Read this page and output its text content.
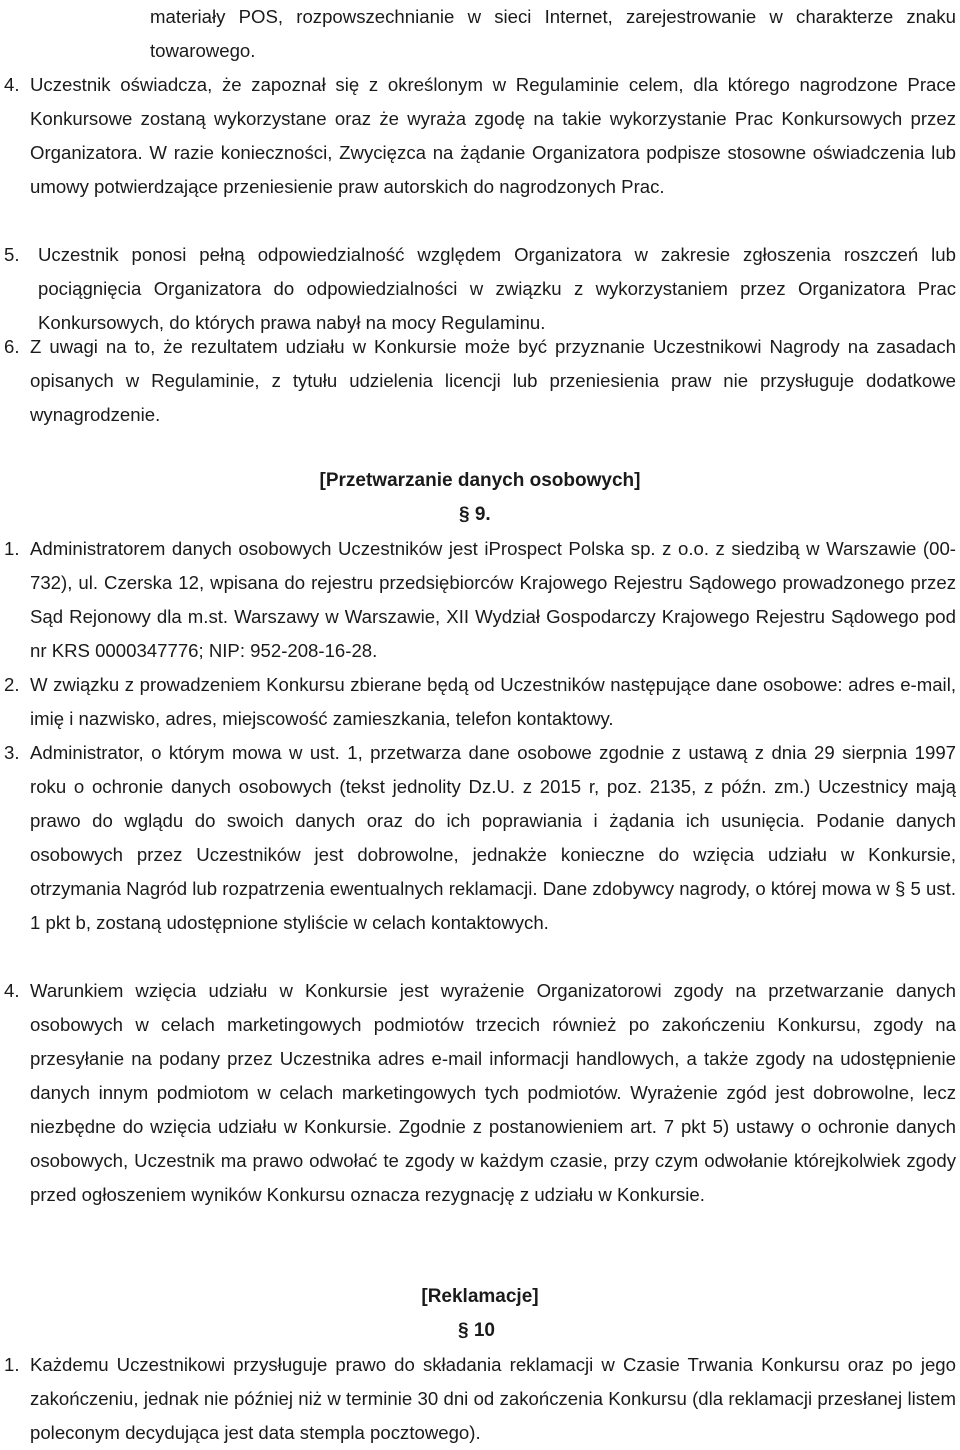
materiały POS, rozpowszechnianie w sieci Internet, zarejestrowanie w charakterze znaku towarowego.

4. Uczestnik oświadcza, że zapoznał się z określonym w Regulaminie celem, dla którego nagrodzone Prace Konkursowe zostaną wykorzystane oraz że wyraża zgodę na takie wykorzystanie Prac Konkursowych przez Organizatora. W razie konieczności, Zwycięzca na żądanie Organizatora podpisze stosowne oświadczenia lub umowy potwierdzające przeniesienie praw autorskich do nagrodzonych Prac.

5. Uczestnik ponosi pełną odpowiedzialność względem Organizatora w zakresie zgłoszenia roszczeń lub pociągnięcia Organizatora do odpowiedzialności w związku z wykorzystaniem przez Organizatora Prac Konkursowych, do których prawa nabył na mocy Regulaminu.

6. Z uwagi na to, że rezultatem udziału w Konkursie może być przyznanie Uczestnikowi Nagrody na zasadach opisanych w Regulaminie, z tytułu udzielenia licencji lub przeniesienia praw nie przysługuje dodatkowe wynagrodzenie.

[Przetwarzanie danych osobowych]

§ 9.
1. Administratorem danych osobowych Uczestników jest iProspect Polska sp. z o.o. z siedzibą w Warszawie (00-732), ul. Czerska 12, wpisana do rejestru przedsiębiorców Krajowego Rejestru Sądowego prowadzonego przez Sąd Rejonowy dla m.st. Warszawy w Warszawie, XII Wydział Gospodarczy Krajowego Rejestru Sądowego pod nr KRS 0000347776; NIP: 952-208-16-28.

2. W związku z prowadzeniem Konkursu zbierane będą od Uczestników następujące dane osobowe: adres e-mail, imię i nazwisko, adres, miejscowość zamieszkania, telefon kontaktowy.

3. Administrator, o którym mowa w ust. 1, przetwarza dane osobowe zgodnie z ustawą z dnia 29 sierpnia 1997 roku o ochronie danych osobowych (tekst jednolity Dz.U. z 2015 r, poz. 2135, z późn. zm.) Uczestnicy mają prawo do wglądu do swoich danych oraz do ich poprawiania i żądania ich usunięcia. Podanie danych osobowych przez Uczestników jest dobrowolne, jednakże konieczne do wzięcia udziału w Konkursie, otrzymania Nagród lub rozpatrzenia ewentualnych reklamacji. Dane zdobywcy nagrody, o której mowa w § 5 ust. 1 pkt b, zostaną udostępnione styliście w celach kontaktowych.

4. Warunkiem wzięcia udziału w Konkursie jest wyrażenie Organizatorowi zgody na przetwarzanie danych osobowych w celach marketingowych podmiotów trzecich również po zakończeniu Konkursu, zgody na przesyłanie na podany przez Uczestnika adres e-mail informacji handlowych, a także zgody na udostępnienie danych innym podmiotom w celach marketingowych tych podmiotów. Wyrażenie zgód jest dobrowolne, lecz niezbędne do wzięcia udziału w Konkursie. Zgodnie z postanowieniem art. 7 pkt 5) ustawy o ochronie danych osobowych, Uczestnik ma prawo odwołać te zgody w każdym czasie, przy czym odwołanie którejkolwiek zgody przed ogłoszeniem wyników Konkursu oznacza rezygnację z udziału w Konkursie.

[Reklamacje]

§ 10
1. Każdemu Uczestnikowi przysługuje prawo do składania reklamacji w Czasie Trwania Konkursu oraz po jego zakończeniu, jednak nie później niż w terminie 30 dni od zakończenia Konkursu (dla reklamacji przesłanej listem poleconym decydująca jest data stempla pocztowego).
